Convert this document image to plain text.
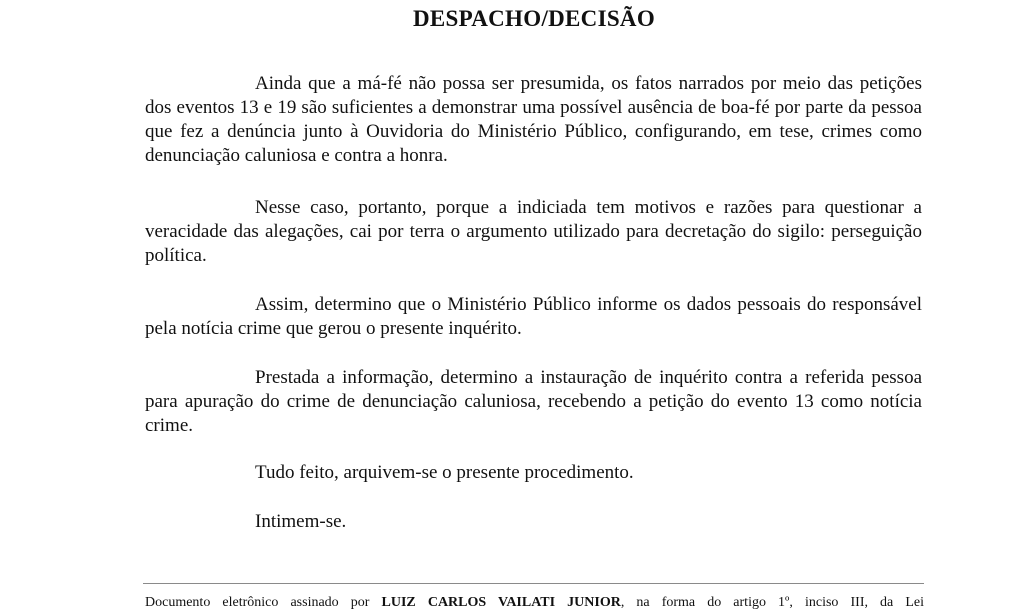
DESPACHO/DECISÃO

Ainda que a má-fé não possa ser presumida, os fatos narrados por meio das petições dos eventos 13 e 19 são suficientes a demonstrar uma possível ausência de boa-fé por parte da pessoa que fez a denúncia junto à Ouvidoria do Ministério Público, configurando, em tese, crimes como denunciação caluniosa e contra a honra.

Nesse caso, portanto, porque a indiciada tem motivos e razões para questionar a veracidade das alegações, cai por terra o argumento utilizado para decretação do sigilo: perseguição política.

Assim, determino que o Ministério Público informe os dados pessoais do responsável pela notícia crime que gerou o presente inquérito.

Prestada a informação, determino a instauração de inquérito contra a referida pessoa para apuração do crime de denunciação caluniosa, recebendo a petição do evento 13 como notícia crime.

Tudo feito, arquivem-se o presente procedimento.

Intimem-se.

Documento eletrônico assinado por LUIZ CARLOS VAILATI JUNIOR, na forma do artigo 1º, inciso III, da Lei
